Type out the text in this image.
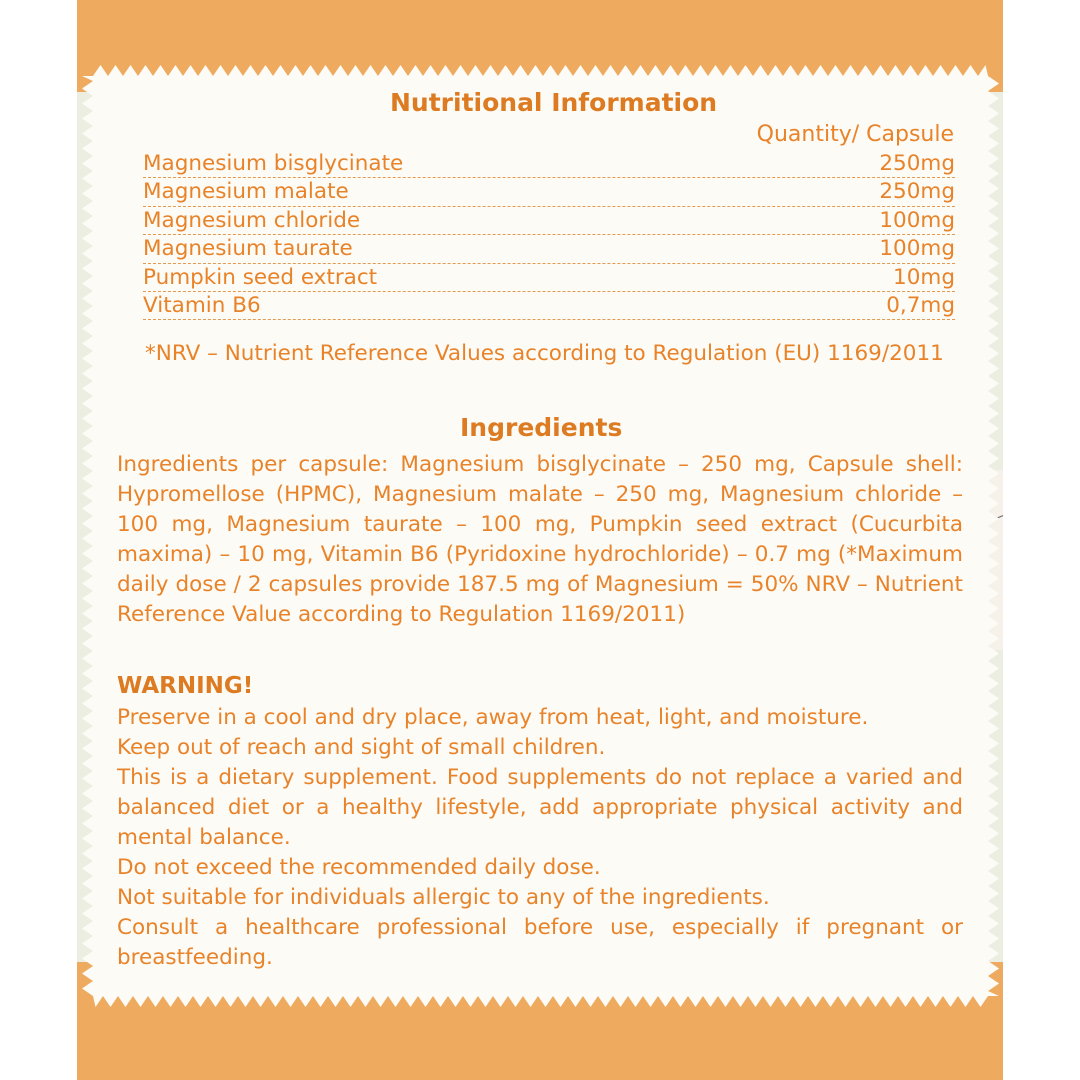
Nutritional Information
Quantity/ Capsule
Magnesium bisglycinate	250mg
Magnesium malate	250mg
Magnesium chloride	100mg
Magnesium taurate	100mg
Pumpkin seed extract	10mg
Vitamin B6	0,7mg
*NRV – Nutrient Reference Values according to Regulation (EU) 1169/2011
Ingredients
Ingredients per capsule: Magnesium bisglycinate – 250 mg, Capsule shell: Hypromellose (HPMC), Magnesium malate – 250 mg, Magnesium chloride – 100 mg, Magnesium taurate – 100 mg, Pumpkin seed extract (Cucurbita maxima) – 10 mg, Vitamin B6 (Pyridoxine hydrochloride) – 0.7 mg (*Maximum daily dose / 2 capsules provide 187.5 mg of Magnesium = 50% NRV – Nutrient Reference Value according to Regulation 1169/2011)
WARNING!
Preserve in a cool and dry place, away from heat, light, and moisture.
Keep out of reach and sight of small children.
This is a dietary supplement. Food supplements do not replace a varied and balanced diet or a healthy lifestyle, add appropriate physical activity and mental balance.
Do not exceed the recommended daily dose.
Not suitable for individuals allergic to any of the ingredients.
Consult a healthcare professional before use, especially if pregnant or breastfeeding.
